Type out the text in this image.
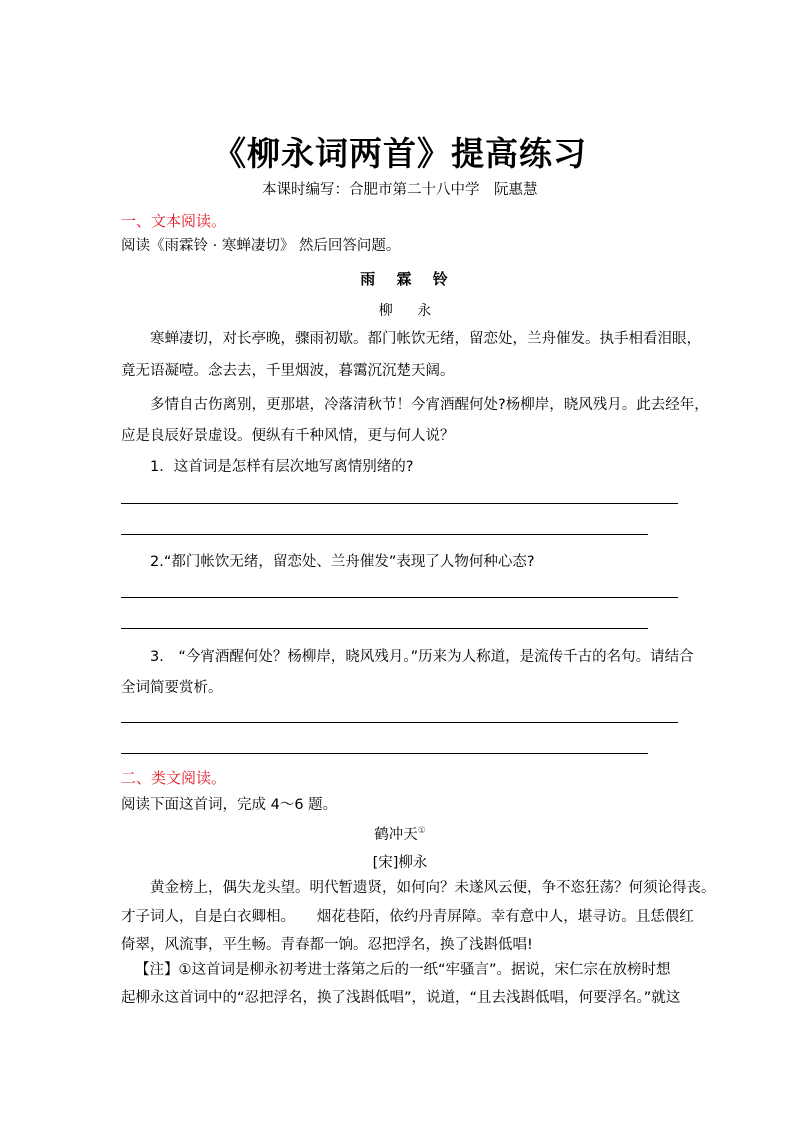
《柳永词两首》提高练习
本课时编写：合肥市第二十八中学　阮惠慧
一、文本阅读。
阅读《雨霖铃 · 寒蝉凄切》 然后回答问题。
雨 霖 铃
柳 永
寒蝉凄切，对长亭晚，骤雨初歇。都门帐饮无绪，留恋处，兰舟催发。执手相看泪眼，
竟无语凝噎。念去去，千里烟波，暮霭沉沉楚天阔。
多情自古伤离别，更那堪，冷落清秋节！今宵酒醒何处?杨柳岸，晓风残月。此去经年，
应是良辰好景虚设。便纵有千种风情，更与何人说？
1．这首词是怎样有层次地写离情别绪的?
2.“都门帐饮无绪，留恋处、兰舟催发”表现了人物何种心态?
3.　“今宵酒醒何处？杨柳岸，晓风残月。”历来为人称道，是流传千古的名句。请结合
全词简要赏析。
二、类文阅读。
阅读下面这首词，完成 4～6 题。
鹤冲天①
[宋]柳永
黄金榜上，偶失龙头望。明代暂遗贤，如何向？未遂风云便，争不恣狂荡？何须论得丧。
才子词人，自是白衣卿相。　　烟花巷陌，依约丹青屏障。幸有意中人，堪寻访。且恁偎红
倚翠，风流事，平生畅。青春都一饷。忍把浮名，换了浅斟低唱!
【注】①这首词是柳永初考进士落第之后的一纸“牢骚言”。据说，宋仁宗在放榜时想
起柳永这首词中的“忍把浮名，换了浅斟低唱”，说道，“且去浅斟低唱，何要浮名。”就这
